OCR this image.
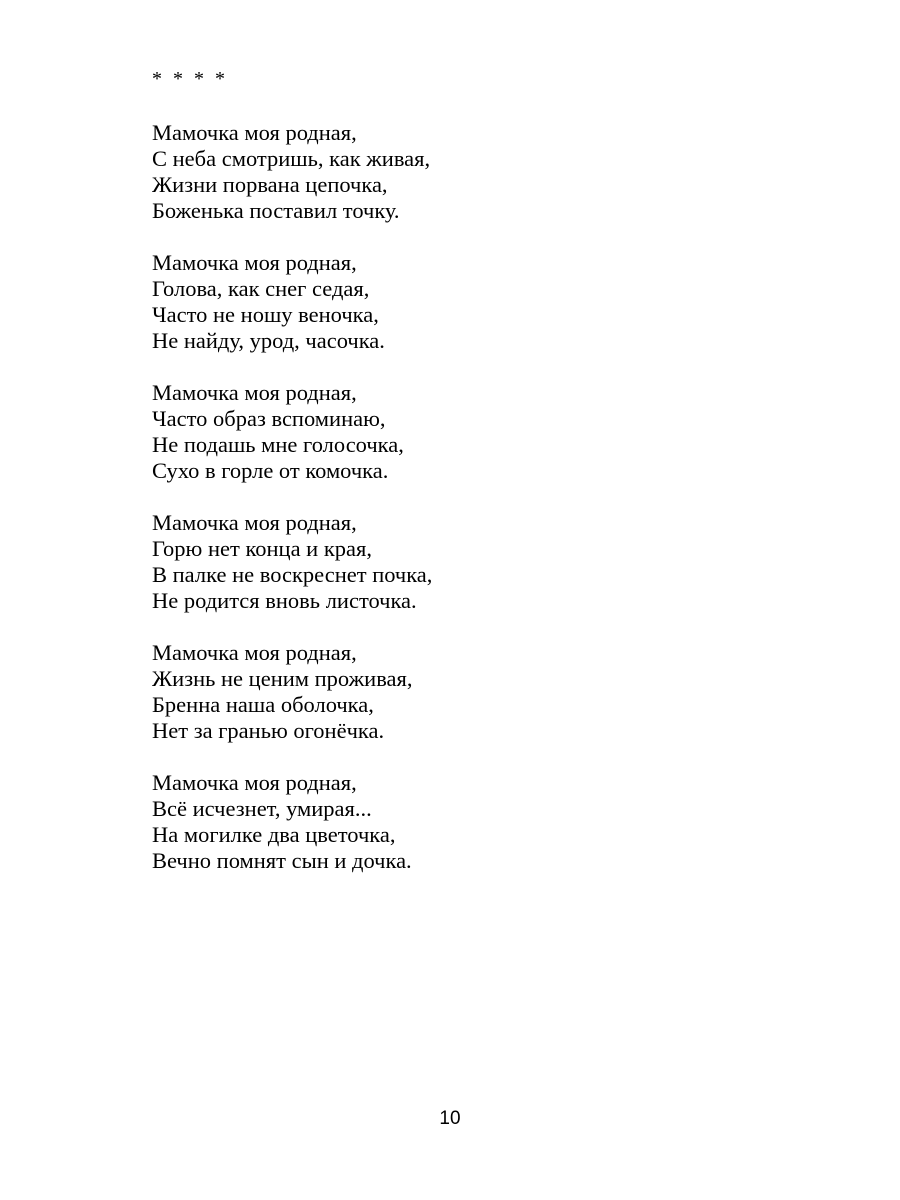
* * * *

Мамочка моя родная,
С неба смотришь, как живая,
Жизни порвана цепочка,
Боженька поставил точку.
Мамочка моя родная,
Голова, как снег седая,
Часто не ношу веночка,
Не найду, урод, часочка.
Мамочка моя родная,
Часто образ вспоминаю,
Не подашь мне голосочка,
Сухо в горле от комочка.
Мамочка моя родная,
Горю нет конца и края,
В палке не воскреснет почка,
Не родится вновь листочка.
Мамочка моя родная,
Жизнь не ценим проживая,
Бренна наша оболочка,
Нет за гранью огонёчка.
Мамочка моя родная,
Всё исчезнет, умирая...
На могилке два цветочка,
Вечно помнят сын и дочка.

10
